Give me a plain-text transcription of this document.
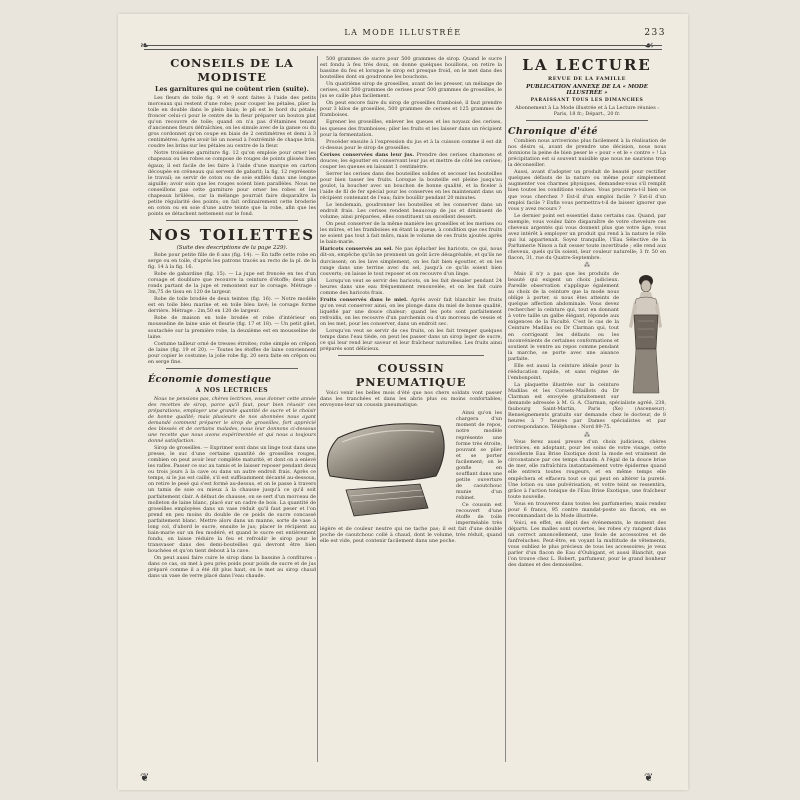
LA MODE ILLUSTRÉE	233
❧	☙
CONSEILS DE LA MODISTE
Les garnitures qui ne coûtent rien (suite).

Les fleurs de toile fig. 9 et 9 sont faites à l'aide des petits morceaux qui restent d'une robe; pour couper les pétales, plier la toile en double dans le plein biais; le pli est le bord du pétale; froncer celui-ci pour le centre de la fleur préparer un bouton plat qu'on recouvre de toile; quand on n'a pas d'étamines tenant d'anciennes fleurs défraîchies, on les simule avec de la ganse ou du gros cordonnet qu'on coupe en biais de 2 centimètres et demi à 3 centimètres. Après avoir lié un noeud à l'extrémité de chaque brin, coudre les brins sur les pétales au centre de la fleur.

Notre troisième garniture fig. 12 qu'on emploie pour orner les chapeaux ou les robes se compose de rouges de points glissés bien égaux; il est facile de les faire à l'aide d'une marque en carton découpée en créneaux qui servent de gabarit; la fig. 12 représente le travail; se servir de coton ou de soie enfilés dans une longue aiguille; avoir soin que les rouges soient bien parallèles. Nous ne conseillons pas cette garniture pour orner les robes et les chapeaux brûlées, car la mélange pourrait faire disparaître la petite régularité des points; on fait ordinairement cette broderie en coton ou en soie d'une autre teinte que la robe, afin que les points se détachent nettement sur le fond.

NOS TOILETTES
(Suite des descriptions de la page 229).

Robe pour petite fille de 6 ans (fig. 14). — En taffe cette robe en serge ou en toile, d'après les patrons tracés au recto de la pl. de la fig. 14 à la fig. 16.

Robe de gabardine (fig. 15). — La jupe est froncée en tes d'un corsage et doublure que recouvre la ceinture d'étoffe; deux plis ronds partant de la jupe et remontent sur le corsage. Métrage : 3m,75 de tissu en 120 de largeur.

Robe de toile brodée de deux teintes (fig. 16). — Notre modèle est en toile bleu marine et en toile bleu lavé; le corsage forme derrière. Métrage : 2m,50 en 120 de largeur.

Robe de maison en toile brodée et robe d'intérieur en mousseline de laine unie et fleurie (fig. 17 et 18). — Un petit gilet, soutachée sur la première robe, la deuxième est en mousseline de laine.

Costume tailleur orné de tresses étroites; robe simple en crêpon de laine (fig. 19 et 20). — Toutes les étoffes de laine conviennent pour copier le costume; la jolie robe fig. 20 sera faite en crêpon ou en serge fine.

Économie domestique
A NOS LECTRICES

Nous ne pensions pas, chères lectrices, vous donner cette année des recettes de sirop, parce qu'il faut, pour bien réussir ces préparations, employer une grande quantité de sucre et le choisir de bonne qualité; mais plusieurs de nos abonnées nous ayant demandé comment préparer le sirop de groseilles, fort apprécié des blessés et de certains malades, nous leur donnons ci-dessous une recette que nous avons expérimentée et qui nous a toujours donné satisfaction.

Sirop de groseilles. — Exprimer sont dans un linge tout dans une presse, le suc d'une certaine quantité de groseilles rouges, combien on peut avoir leur complète maturité, et dont on a enlevé les rafles. Passer ce suc au tamis et le laisser reposer pendant deux ou trois jours à la cave ou dans un autre endroit frais. Après ce temps, si le jus est caillé, s'il est suffisamment décanté au-dessous, on retire le pesé qui s'est formé au-dessus, et on le passe à travers un tamis de soie ou mieux à la chausse jusqu'à ce qu'il soit parfaitement clair. A défaut de chausse, on se sert d'un morceau de molleton de laine blanc, placé sur un cadre de bois. La quantité de groseilles employées dans un vase réduit qu'il faut peser et l'on prend en peu moins du double de ce poids de sucre concassé parfaitement blanc. Mettre alors dans un manne, sorte de vase à long col, d'abord le sucre, ensuite le jus; placer le récipient au bain-marie sur un feu modéré, et quand le sucre est entièrement fondu, on laisse réduire la feu et refroidir le sirop pour le transvaser dans des demi-bouteilles qui devront être bien bouchées et qu'on tient debout à la cave.

On peut aussi faire cuire le sirop dans la bassine à confitures : dans ce cas, on met à peu près poids pour poids de sucre et de jus préparé comme il a été dit plus haut, on le met au sirop chaud dans un vase de verre placé dans l'eau chaude.

500 grammes de sucre pour 500 grammes de sirop. Quand le sucre est fondu à feu très doux, on donne quelques bouillons, on retire la bassine du feu et lorsque le sirop est presque froid, on le met dans des bouteilles dont on goudronne les bouchons.

Un quatrième sirop de groseilles, avant de les presser, un mélange de cerises, soit 500 grammes de cerises pour 500 grammes de groseilles, le jus se caille plus facilement.

On peut encore faire du sirop de groseilles framboisé, il faut prendre pour 3 kilos de groseilles, 500 grammes de cerises et 125 grammes de framboises.

Egrener les groseilles, enlever les queues et les noyaux des cerises, les queues des framboises; piler les fruits et les laisser dans un récipient pour la fermentation.

Procéder ensuite à l'expression du jus et à la cuisson comme il est dit ci-dessus pour le sirop de groseilles.

Cerises conservées dans leur jus. Prendre des cerises chamones et douces; les égoutter en conservant leur jus et mettre de côté les cerises; couper les queues en laissant 1 centimètre.

Serrer les cerises dans des bouteilles solides et secouer les bouteilles pour bien tasser les fruits. Lorsque la bouteille est pleine jusqu'au goulot, la boucher avec un bouchon de bonne qualité, et la ficeler à l'aide de fil de fer spécial pour les conserves en les maintenant dans un récipient contenant de l'eau; faire bouillir pendant 20 minutes.

Le lendemain, goudronner les bouteilles et les conserver dans un endroit frais. Les cerises rendent beaucoup de jus et diminuent de volume; ainsi préparées, elles constituent un excellent dessert.

On peut conserver de la même manière les groseilles et les merises ou les mûres, et les framboises en étant la queue, à condition que ces fruits ne soient pas tout à fait mûrs, mais le volume de ces fruits ajoutés après le bain-marie.

Haricots conservés au sel. Ne pas éplucher les haricots, ce qui, nous dit-on, empêche qu'ils ne prennent un goût âcre désagréable, et qu'ils ne durcissent; on les lave simplement, on les fait bien égoutter, et on les range dans une terrine avec du sel, jusqu'à ce qu'ils soient bien couverts; on laisse le tout reposer et on recouvre d'un linge.

Lorsqu'on veut se servir des haricots, on les fait dessaler pendant 24 heures dans une eau fréquemment renouvelée, et on les fait cuire comme des haricots frais.

Fruits conservés dans le miel. Après avoir fait blanchir les fruits qu'on veut conserver ainsi, on les plonge dans du miel de bonne qualité, liquéfié par une douce chaleur; quand les pots sont parfaitement refroidis, on les recouvre d'un parchemin ou d'un morceau de vessie et on les met, pour les conserver, dans un endroit sec.

Lorsqu'on veut se servir de ces fruits, on les fait tremper quelques temps dans l'eau tiède, on peut les passer dans un sirop leger de sucre, ce qui leur rend leur saveur et leur fraîcheur naturelles. Les fruits ainsi préparés sont délicieux.

COUSSIN PNEUMATIQUE

Voici venir les belles mois d'été que nos chers soldats vont passer dans les tranchées et dans les abris plus ou moins confortables; envoyons-leur un coussin pneumatique.

Ainsi qu'on les chargera d'un moment de repos, notre modèle représente une forme très étroite, pouvant se plier et se porter facilement; on le gonfle en soufflant dans une petite ouverture de caoutchouc munie d'un robinet.

Ce coussin est recouvert d'une étoffe de toile imperméable très légère et de couleur neutre qui ne tache pas; il est fait d'une double poche de caoutchouc collé à chaud, dont le volume, très réduit, quand elle est vide, peut contenir facilement dans une poche.

LA LECTURE
REVUE DE LA FAMILLE
PUBLICATION ANNEXE DE LA « MODE ILLUSTRÉE »
PARAISSANT TOUS LES DIMANCHES
Abonnement à La Mode illustrée et à La Lecture réunies : Paris, 18 fr.; Départ., 20 fr.
Chronique d'été

Combien nous arriverions plus facilement à la réalisation de nos désirs si, avant de prendre une décision, nous nous donnions la peine de bien peser le « pour » et le « contre » ! La précipitation est si souvent nuisible que nous ne saurions trop la déconseiller.

Aussi, avant d'adopter un produit de beauté pour rectifier quelques défauts de la nature ou même pour simplement augmenter vos charmes physiques, demandez-vous s'il remplit bien toutes les conditions voulues. Vous procurera-t-il bien ce que vous cherchez ? Est-il d'un emploi facile ? Est-il d'un emploi facile ? Enfin vous permettra-t-il de laisser ignorer que vous y avez recours ?

Le dernier point est essentiel dans certains cas. Quand, par exemple, vous voulez faire disparaître de votre chevelure ces cheveux argentés qui vous donnent plus que votre âge, vous avez intérêt à employer un produit qui rend à la nature le rôle qui lui appartenait. Soyez tranquille, l'Eau Sélective de la Parfumerie Ninon a fait cesser toute incertitude ; elle rend aux cheveux, quels qu'ils soient, leur couleur naturelle; 3 fr. 50 en flacon, 31, rue du Quatre-Septembre.

⁂

Mais il n'y a pas que les produits de beauté qui exigent un choix judicieux. Pareille observation s'applique également au choix de la ceinture que la mode nous oblige à porter, si nous êtes atteints de quelque affection abdominale. Vous devez rechercher la ceinture qui, tout en donnant à votre taille un galbe élégant, réponde aux exigences de la Faculté. C'est le cas de la Ceinture Madilas ou Dr Clarman qui, tout en corrigeant les défauts ou les inconvénients de certaines conformations et soutient le ventre au repos comme pendant la marche, se porte avec une aisance parfaite.

Elle est aussi la ceinture idéale pour la rééducation rapide, et sans régime de l'embonpoint.

La plaquette illustrée sur la ceinture Madilas et les Corsets-Maillots du Dr Clarman est envoyée gratuitement sur demande adressée à M. G. A. Clarman, spécialiste agréé, 238, faubourg Saint-Martin, Paris (Xe) (Ascenseur). Renseignements gratuits sur demande chez le docteur, de 8 heures à 7 heures par Dames spécialistes et par correspondance. Téléphone : Nord 89-75.

⁂

Vous ferez aussi preuve d'un choix judicieux, chères lectrices, en adoptant, pour les soins de votre visage, cette excellente Eau Brise Exotique dont la mode est vraiment de circonstance par ces temps chauds. A l'égal de la douce brise de mer, elle rafraîchira instantanément votre épiderme quand elle entrera toutes rougeurs, et en même temps elle empêchera et effacera tout ce qui peut en altérer la pureté. Une lotion ou une pulvérisation, et votre teint se ressentira, grâce à l'action tonique de l'Eau Brise Exotique, une fraîcheur toute nouvelle.

Vous en trouverez dans toutes les parfumeries; mais rendez pour 6 francs, 95 contre mandat-poste au flacon, en se recommandant de la Mode illustrée.

Voici, en effet, en dépit des événements, le moment des départs. Les malles sont ouvertes, les robes s'y rangent dans un correct amoncellement, une foule de accessoires et de fanfreluches. Peut-être, en voyant la multitude de vêtements, vous oubliez le plus précieux de tous les accessoires; je veux parler d'un flacon de Eau d'Oubigant, et aussi Blanchit, que l'on trouve chez L. Robert, parfumeur, pour le grand bonheur des dames et des demoiselles.

❦	❦
